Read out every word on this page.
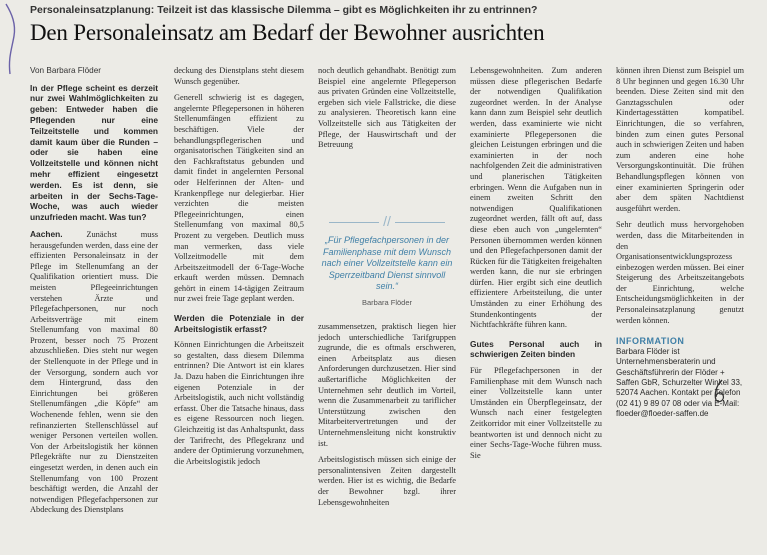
Personaleinsatzplanung: Teilzeit ist das klassische Dilemma – gibt es Möglichkeiten ihr zu entrinnen?
Den Personaleinsatz am Bedarf der Bewohner ausrichten
Von Barbara Flöder

In der Pflege scheint es derzeit nur zwei Wahlmöglichkeiten zu geben: Entweder haben die Pflegenden nur eine Teilzeitstelle und kommen damit kaum über die Runden – oder sie haben eine Vollzeitstelle und können nicht mehr effizient eingesetzt werden. Es ist denn, sie arbeiten in der Sechs-Tage-Woche, was auch wieder unzufrieden macht. Was tun?

Aachen.	Zunächst muss herausgefunden werden, dass eine der effizienten Personaleinsatz in der Pflege im Stellenumfang an der Qualifikation orientiert muss. Die meisten Pflegeeinrichtungen verstehen Ärzte und Pflegefachpersonen, nur noch Arbeitsverträge mit einem Stellenumfang von maximal 80 Prozent, besser noch 75 Prozent abzuschließen. Dies steht nur wegen der Stellenquote in der Pflege und in der Versorgung, sondern auch vor dem Hintergrund, dass den Einrichtungen bei größeren Stellenumfängen „die Köpfe“ am Wochenende fehlen, wenn sie den refinanzierten Stellenschlüssel auf weniger Personen verteilen wollen. Von der Arbeitslogistik her können Pflegekräfte nur zu Dienstzeiten eingesetzt werden, in denen auch ein Stellenumfang von 100 Prozent beschäftigt werden, die Anzahl der notwendigen Pflegefachpersonen zur Abdeckung des Dienstplans

deckung des Dienstplans steht diesem Wunsch gegenüber.

Generell schwierig ist es dagegen, angelernte Pflegepersonen in höheren Stellenumfängen effizient zu beschäftigen. Viele der behandlungspflegerischen und organisatorischen Tätigkeiten sind an den Fachkraftstatus gebunden und damit findet in angelernten Personal oder Helferinnen der Alten- und Krankenpflege nur delegierbar. Hier verzichten die meisten Pflegeeinrichtungen, einen Stellenumfang von maximal 80,5 Prozent zu vergeben. Deutlich muss man vermerken, dass viele Vollzeitmodelle mit dem Arbeitszeitmodell der 6-Tage-Woche erkauft werden müssen. Demnach gehört in einem 14-tägigen Zeitraum nur zwei freie Tage geplant werden.

Werden die Potenziale in der Arbeitslogistik erfasst?

Können Einrichtungen die Arbeitszeit so gestalten, dass diesem Dilemma entrinnen? Die Antwort ist ein klares Ja. Dazu haben die Einrichtungen ihre eigenen Potenziale in der Arbeitslogistik, auch nicht vollständig erfasst. Über die Tatsache hinaus, dass es eigene Ressourcen noch liegen. Gleichzeitig ist das Anhaltspunkt, dass der Tarifrecht, des Pflegekranz und andere der Optimierung vorzunehmen, die Arbeitslogistik jedoch

noch deutlich gehandhabt. Benötigt zum Beispiel eine angelernte Pflegeperson aus privaten Gründen eine Vollzeitstelle, ergeben sich viele Fallstricke, die diese zu analysieren. Theoretisch kann eine Vollzeitstelle sich aus Tätigkeiten der Pflege, der Hauswirtschaft und der Betreuung

//
„Für Pflegefachpersonen in der Familienphase mit dem Wunsch nach einer Vollzeitstelle kann ein Sperrzeitband Dienst sinnvoll sein.“
Barbara Flöder

zusammensetzen, praktisch liegen hier jedoch unterschiedliche Tarifgruppen zugrunde, die es oftmals erschweren, einen Arbeitsplatz aus diesen Anforderungen durchzusetzen. Hier sind außertarifliche Möglichkeiten der Unternehmen sehr deutlich im Vorteil, wenn die Zusammenarbeit zu tariflicher Unterstützung zwischen den Mitarbeitervertretungen und der Unternehmensleitung nicht konstruktiv ist.

Arbeitslogistisch müssen sich einige der personalintensiven Zeiten dargestellt werden. Hier ist es wichtig, die Bedarfe der Bewohner bzgl. ihrer Lebensgewohnheiten

Lebensgewohnheiten. Zum anderen müssen diese pflegerischen Bedarfe der notwendigen Qualifikation zugeordnet werden. In der Analyse kann dann zum Beispiel sehr deutlich werden, dass examinierte wie nicht examinierte Pflegepersonen die gleichen Leistungen erbringen und die examinierten in der noch nachfolgenden Zeit die administrativen und planerischen Tätigkeiten erbringen. Wenn die Aufgaben nun in einem zweiten Schritt den notwendigen Qualifikationen zugeordnet werden, fällt oft auf, dass diese eben auch von „ungelernten“ Personen übernommen werden können und den Pflegefachpersonen damit der Rücken für die Tätigkeiten freigehalten werden kann, die nur sie erbringen dürfen. Hier ergibt sich eine deutlich effizientere Arbeitsteilung, die unter Umständen zu einer Erhöhung des Stundenkontingents der Nichtfachkräfte führen kann.

Gutes Personal auch in schwierigen Zeiten binden

Für Pflegefachpersonen in der Familienphase mit dem Wunsch nach einer Vollzeitstelle kann unter Umständen ein Überpflegeinsatz, der Wunsch nach einer festgelegten Zeitkorridor mit einer Vollzeitstelle zu beantworten ist und dennoch nicht zu einer Sechs-Tage-Woche führen muss. Sie

können ihren Dienst zum Beispiel um 8 Uhr beginnen und gegen 16.30 Uhr beenden. Diese Zeiten sind mit den Ganztagsschulen oder Kindertagesstätten kompatibel. Einrichtungen, die so verfahren, binden zum einen gutes Personal auch in schwierigen Zeiten und haben zum anderen eine hohe Versorgungskontinuität. Die frühen Behandlungspflegen können von einer examinierten Springerin oder aber dem späten Nachtdienst ausgeführt werden.

Sehr deutlich muss hervorgehoben werden, dass die Mitarbeitenden in den Organisationsentwicklungsprozess einbezogen werden müssen. Bei einer Steigerung des Arbeitszeitangebots der Einrichtung, welche Entscheidungsmöglichkeiten in der Personaleinsatzplanung genutzt werden können.

INFORMATION
Barbara Flöder ist Unternehmensberaterin und Geschäftsführerin der Flöder + Saffen GbR, Schurzelter Winkel 33, 52074 Aachen. Kontakt per Telefon (02 41) 9 89 07 08 oder via E-Mail: floeder@floeder-saffen.de
